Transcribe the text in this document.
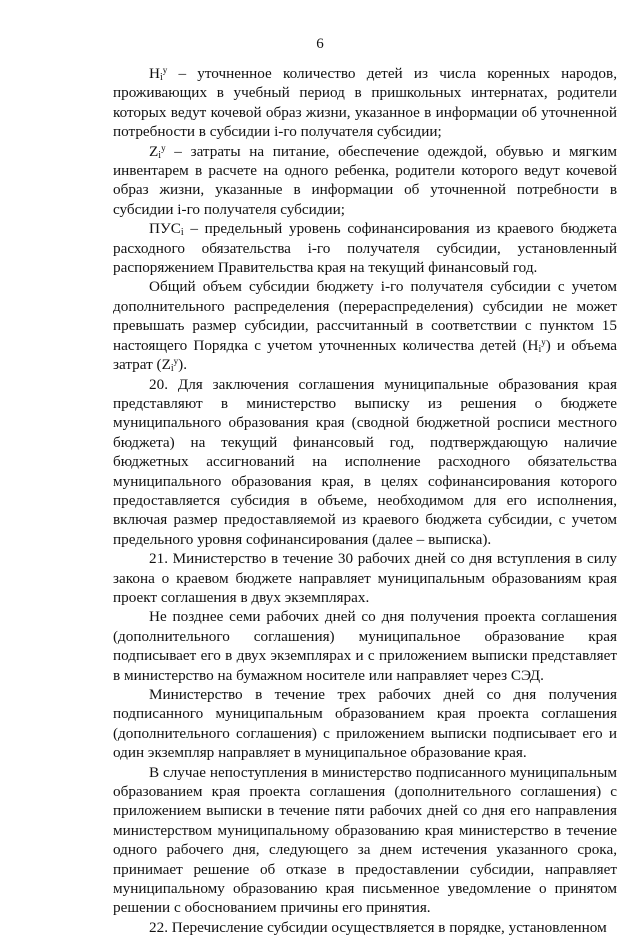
6

$H_i^y$ – уточненное количество детей из числа коренных народов, проживающих в учебный период в пришкольных интернатах, родители которых ведут кочевой образ жизни, указанное в информации об уточненной потребности в субсидии i-го получателя субсидии;

$Z_i^y$ – затраты на питание, обеспечение одеждой, обувью и мягким инвентарем в расчете на одного ребенка, родители которого ведут кочевой образ жизни, указанные в информации об уточненной потребности в субсидии i-го получателя субсидии;

$ПУС_i$ – предельный уровень софинансирования из краевого бюджета расходного обязательства i-го получателя субсидии, установленный распоряжением Правительства края на текущий финансовый год.

Общий объем субсидии бюджету i-го получателя субсидии с учетом дополнительного распределения (перераспределения) субсидии не может превышать размер субсидии, рассчитанный в соответствии с пунктом 15 настоящего Порядка с учетом уточненных количества детей $(H_i^y)$ и объема затрат $(Z_i^y)$.

20. Для заключения соглашения муниципальные образования края представляют в министерство выписку из решения о бюджете муниципального образования края (сводной бюджетной росписи местного бюджета) на текущий финансовый год, подтверждающую наличие бюджетных ассигнований на исполнение расходного обязательства муниципального образования края, в целях софинансирования которого предоставляется субсидия в объеме, необходимом для его исполнения, включая размер предоставляемой из краевого бюджета субсидии, с учетом предельного уровня софинансирования (далее – выписка).

21. Министерство в течение 30 рабочих дней со дня вступления в силу закона о краевом бюджете направляет муниципальным образованиям края проект соглашения в двух экземплярах.

Не позднее семи рабочих дней со дня получения проекта соглашения (дополнительного соглашения) муниципальное образование края подписывает его в двух экземплярах и с приложением выписки представляет в министерство на бумажном носителе или направляет через СЭД.

Министерство в течение трех рабочих дней со дня получения подписанного муниципальным образованием края проекта соглашения (дополнительного соглашения) с приложением выписки подписывает его и один экземпляр направляет в муниципальное образование края.

В случае непоступления в министерство подписанного муниципальным образованием края проекта соглашения (дополнительного соглашения) с приложением выписки в течение пяти рабочих дней со дня его направления министерством муниципальному образованию края министерство в течение одного рабочего дня, следующего за днем истечения указанного срока, принимает решение об отказе в предоставлении субсидии, направляет муниципальному образованию края письменное уведомление о принятом решении с обоснованием причины его принятия.

22. Перечисление субсидии осуществляется в порядке, установленном
